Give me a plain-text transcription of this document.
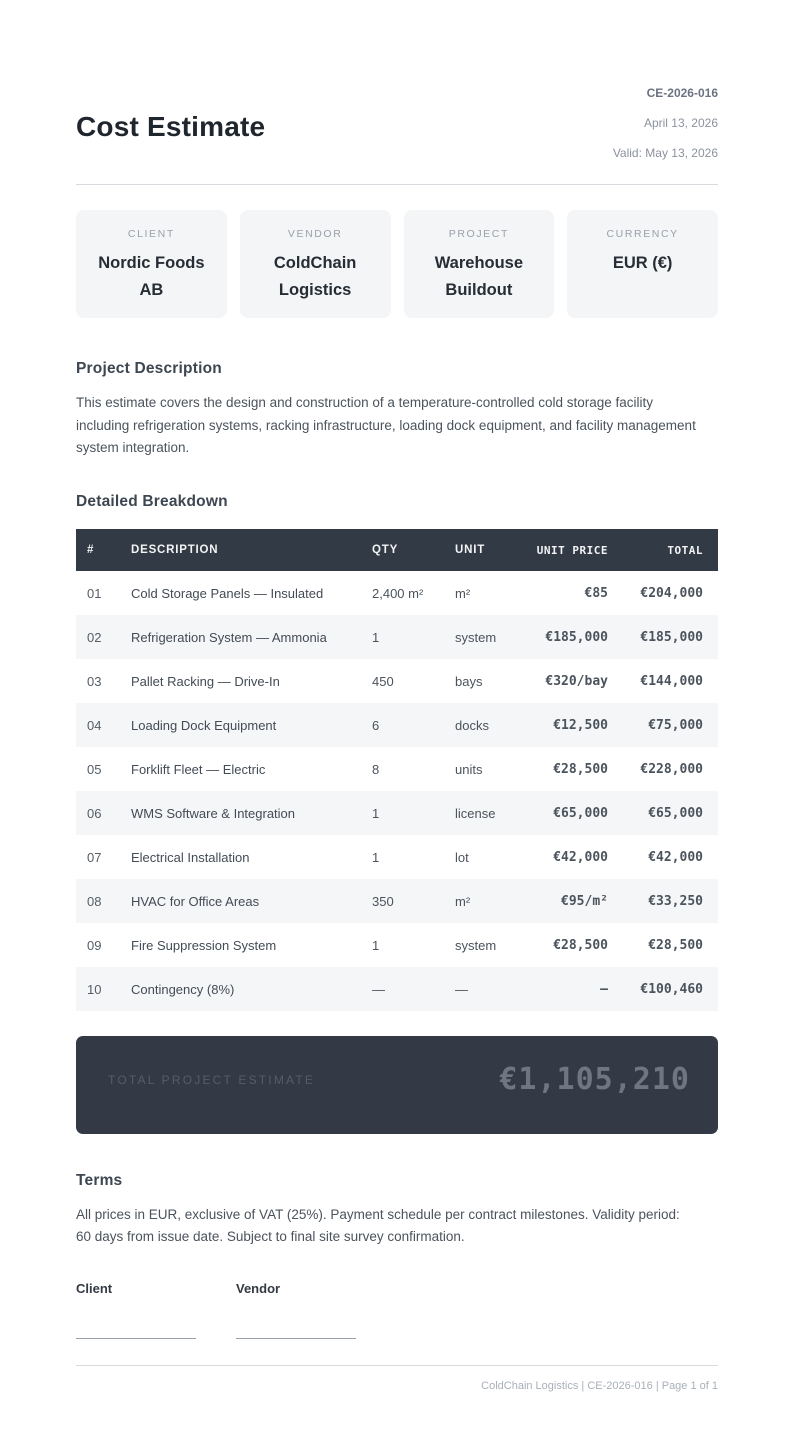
Cost Estimate
CE-2026-016
April 13, 2026
Valid: May 13, 2026
CLIENT
Nordic Foods AB
VENDOR
ColdChain Logistics
PROJECT
Warehouse Buildout
CURRENCY
EUR (€)
Project Description

This estimate covers the design and construction of a temperature-controlled cold storage facility including refrigeration systems, racking infrastructure, loading dock equipment, and facility management system integration.

Detailed Breakdown
#	DESCRIPTION	QTY	UNIT	UNIT PRICE	TOTAL
01	Cold Storage Panels — Insulated	2,400 m²	m²	€85	€204,000
02	Refrigeration System — Ammonia	1	system	€185,000	€185,000
03	Pallet Racking — Drive-In	450	bays	€320/bay	€144,000
04	Loading Dock Equipment	6	docks	€12,500	€75,000
05	Forklift Fleet — Electric	8	units	€28,500	€228,000
06	WMS Software & Integration	1	license	€65,000	€65,000
07	Electrical Installation	1	lot	€42,000	€42,000
08	HVAC for Office Areas	350	m²	€95/m²	€33,250
09	Fire Suppression System	1	system	€28,500	€28,500
10	Contingency (8%)	—	—	–	€100,460
TOTAL PROJECT ESTIMATE	€1,105,210
Terms

All prices in EUR, exclusive of VAT (25%). Payment schedule per contract milestones. Validity period: 60 days from issue date. Subject to final site survey confirmation.

Client	Vendor
ColdChain Logistics | CE-2026-016 | Page 1 of 1
